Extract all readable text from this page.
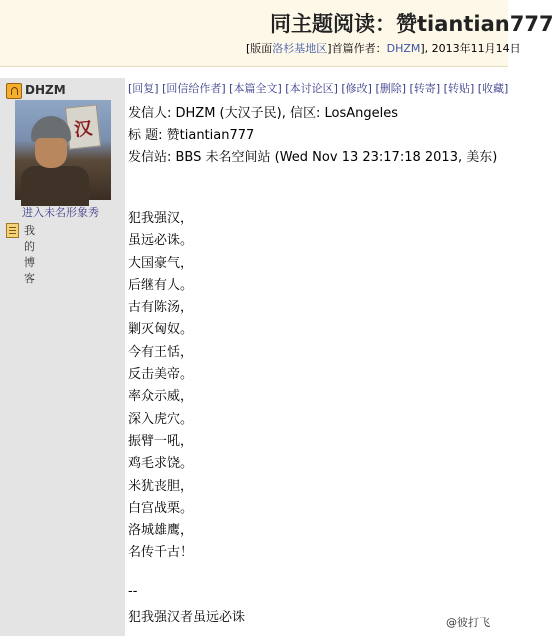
同主题阅读：赞tiantian777
[版面洛杉基地区]首篇作者：DHZM], 2013年11月14日
DHZM
汉
进入未名形象秀
我的博客
[回复] [回信给作者] [本篇全文] [本讨论区] [修改] [删除] [转寄] [转贴] [收藏]
发信人: DHZM (大汉子民), 信区: LosAngeles
标 题: 赞tiantian777
发信站: BBS 未名空间站 (Wed Nov 13 23:17:18 2013, 美东)
犯我强汉，
虽远必诛。
大国豪气，
后继有人。
古有陈汤，
剿灭匈奴。
今有王恬，
反击美帝。
率众示威，
深入虎穴。
振臂一吼，
鸡毛求饶。
米犹丧胆，
白宫战栗。
洛城雄鹰，
名传千古！
--
犯我强汉者虽远必诛	@彼打飞
